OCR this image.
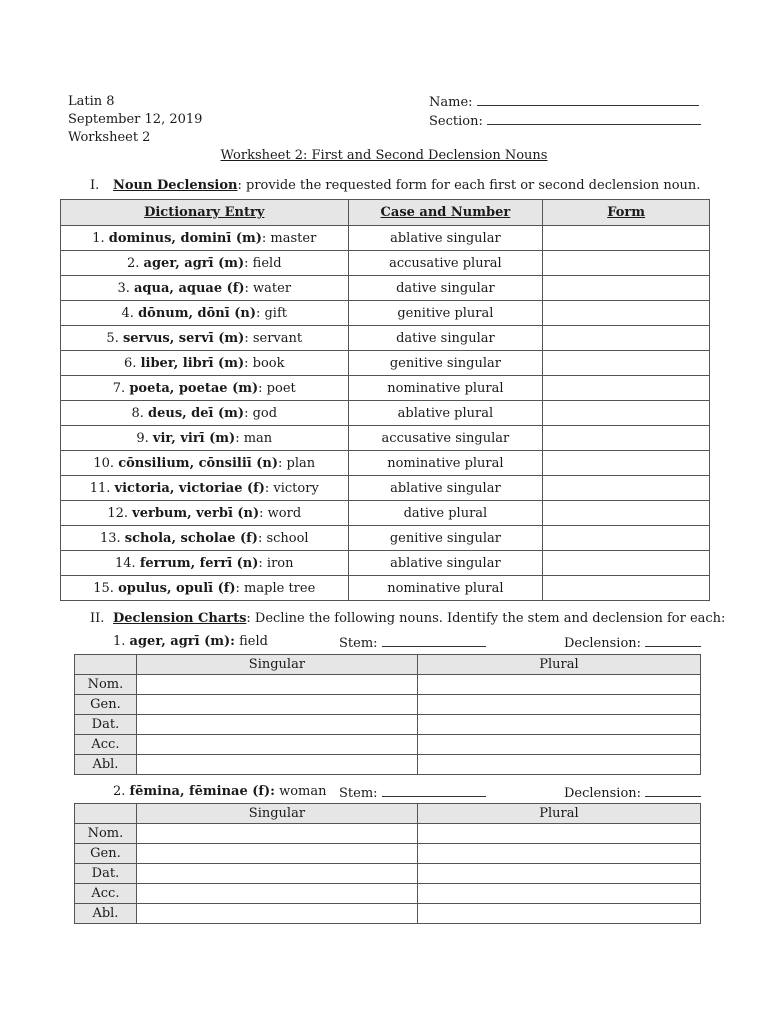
Latin 8
September 12, 2019
Worksheet 2
Name:
Section:
Worksheet 2: First and Second Declension Nouns
I. Noun Declension: provide the requested form for each first or second declension noun.
Dictionary Entry	Case and Number	Form
1. dominus, dominī (m): master	ablative singular	
2. ager, agrī (m): field	accusative plural	
3. aqua, aquae (f): water	dative singular	
4. dōnum, dōnī (n): gift	genitive plural	
5. servus, servī (m): servant	dative singular	
6. liber, librī (m): book	genitive singular	
7. poeta, poetae (m): poet	nominative plural	
8. deus, deī (m): god	ablative plural	
9. vir, virī (m): man	accusative singular	
10. cōnsilium, cōnsiliī (n): plan	nominative plural	
11. victoria, victoriae (f): victory	ablative singular	
12. verbum, verbī (n): word	dative plural	
13. schola, scholae (f): school	genitive singular	
14. ferrum, ferrī (n): iron	ablative singular	
15. opulus, opulī (f): maple tree	nominative plural	
II. Declension Charts: Decline the following nouns. Identify the stem and declension for each:
1. ager, agrī (m): field	Stem:	Declension:
	Singular	Plural
Nom.		
Gen.		
Dat.		
Acc.		
Abl.		
2. fēmina, fēminae (f): woman Stem:	Declension:
	Singular	Plural
Nom.		
Gen.		
Dat.		
Acc.		
Abl.		
